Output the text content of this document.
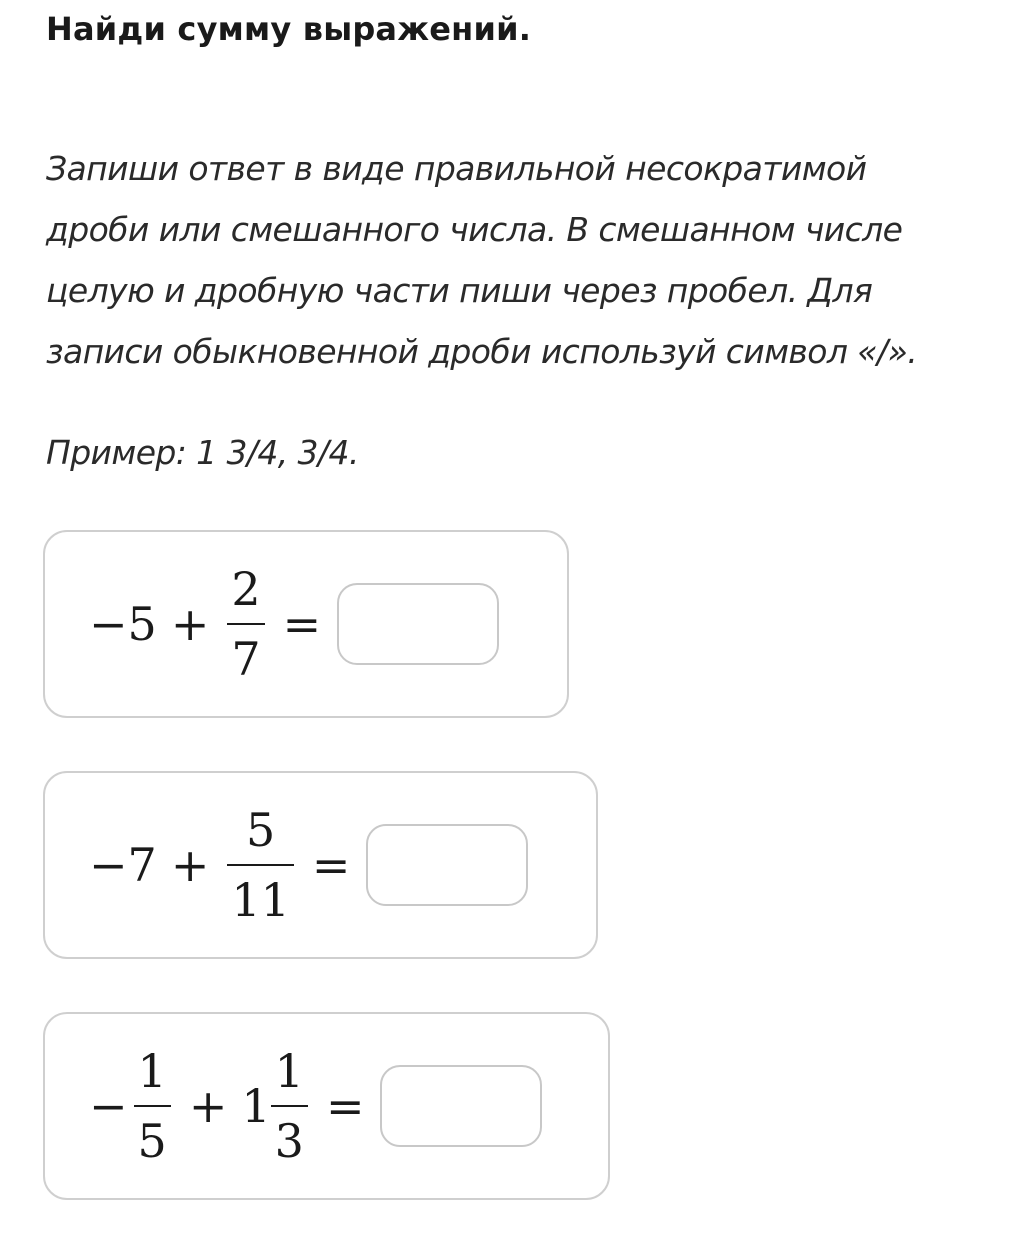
Найди сумму выражений.
Запиши ответ в виде правильной несократимой
дроби или смешанного числа. В смешанном числе
целую и дробную части пиши через пробел. Для
записи обыкновенной дроби используй символ «/».
Пример: 1 3/4, 3/4.
$-5 + \frac{2}{7}$ =
$-7 + \frac{5}{11}$ =
− $\frac{1}{5} + 1 \frac{1}{3}$ =
